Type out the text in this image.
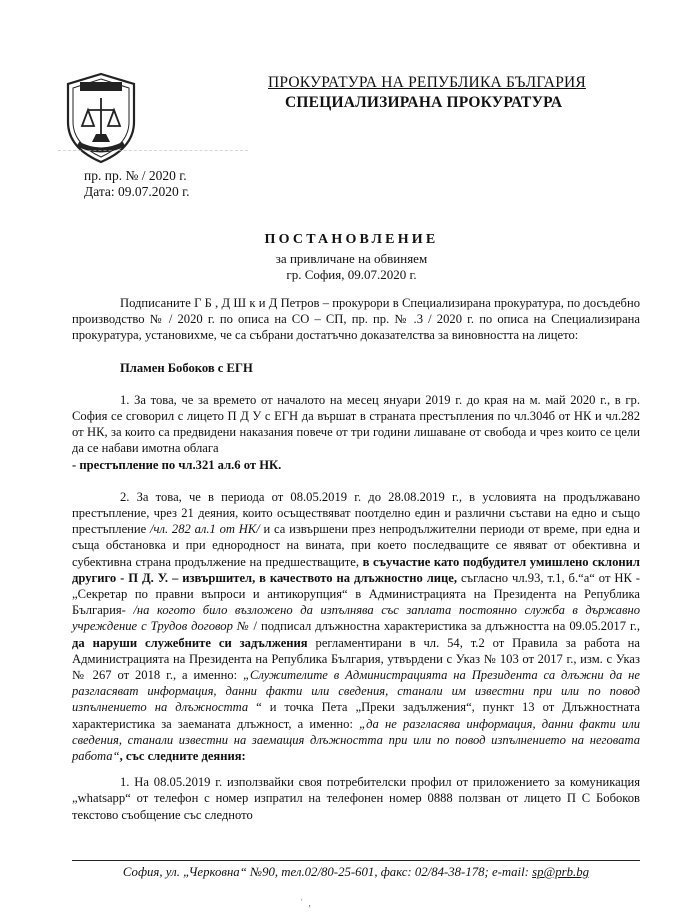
ПРОКУРАТУРА НА РЕПУБЛИКА БЪЛГАРИЯ
СПЕЦИАЛИЗИРАНА ПРОКУРАТУРА
пр. пр. № / 2020 г.
Дата: 09.07.2020 г.
ПОСТАНОВЛЕНИЕ
за привличане на обвиняем
гр. София, 09.07.2020 г.

Подписаните Г Б , Д Ш к и Д Петров – прокурори в Специализирана прокуратура, по досъдебно производство № / 2020 г. по описа на СО – СП, пр. пр. № .3 / 2020 г. по описа на Специализирана прокуратура, установихме, че са събрани достатъчно доказателства за виновността на лицето:

Пламен Бобоков с ЕГН

1. За това, че за времето от началото на месец януари 2019 г. до края на м. май 2020 г., в гр. София се сговорил с лицето П Д У с ЕГН да вършат в страната престъпления по чл.304б от НК и чл.282 от НК, за които са предвидени наказания повече от три години лишаване от свобода и чрез които се цели да се набави имотна облага

- престъпление по чл.321 ал.6 от НК.

2. За това, че в периода от 08.05.2019 г. до 28.08.2019 г., в условията на продължавано престъпление, чрез 21 деяния, които осъществяват поотделно един и различни състави на едно и също престъпление /чл. 282 ал.1 от НК/ и са извършени през непродължителни периоди от време, при една и съща обстановка и при еднородност на вината, при което последващите се явяват от обективна и субективна страна продължение на предшестващите, в съучастие като подбудител умишлено склонил другиго - П Д. У. – извършител, в качеството на длъжностно лице, съгласно чл.93, т.1, б.“а“ от НК - „Секретар по правни въпроси и антикорупция“ в Администрацията на Президента на Република България- /на когото било възложено да изпълнява със заплата постоянно служба в държавно учреждение с Трудов договор № / подписал длъжностна характеристика за длъжността на 09.05.2017 г., да наруши служебните си задължения регламентирани в чл. 54, т.2 от Правила за работа на Администрацията на Президента на Република България, утвърдени с Указ № 103 от 2017 г., изм. с Указ № 267 от 2018 г., а именно: „Служителите в Администрацията на Президента са длъжни да не разгласяват информация, данни факти или сведения, станали им известни при или по повод изпълнението на длъжността “ и точка Пета „Преки задължения“, пункт 13 от Длъжностната характеристика за заеманата длъжност, а именно: „да не разгласява информация, данни факти или сведения, станали известни на заемащия длъжността при или по повод изпълнението на неговата работа“, със следните деяния:

1. На 08.05.2019 г. използвайки своя потребителски профил от приложението за комуникация „whatsapp“ от телефон с номер изпратил на телефонен номер 0888 ползван от лицето П С Бобоков текстово съобщение със следното

София, ул. „Черковна“ №90, тел.02/80-25-601, факс: 02/84-38-178; e-mail: sp@prb.bg
ˈ  ,
